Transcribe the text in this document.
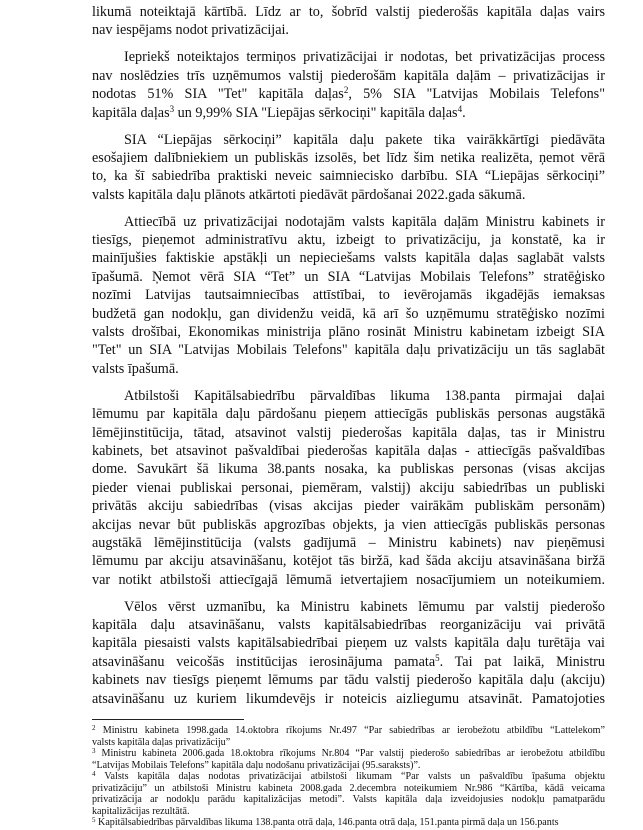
likumā noteiktajā kārtībā. Līdz ar to, šobrīd valstij piederošās kapitāla daļas vairs
nav iespējams nodot privatizācijai.
Iepriekš noteiktajos termiņos privatizācijai ir nodotas, bet privatizācijas process
nav noslēdzies trīs uzņēmumos valstij piederošām kapitāla daļām – privatizācijas ir
nodotas 51% SIA "Tet" kapitāla daļas$^2$, 5% SIA "Latvijas Mobilais Telefons"
kapitāla daļas$^3$ un 9,99% SIA "Liepājas sērkociņi" kapitāla daļas$^4$.
SIA “Liepājas sērkociņi” kapitāla daļu pakete tika vairākkārtīgi piedāvāta
esošajiem dalībniekiem un publiskās izsolēs, bet līdz šim netika realizēta, ņemot vērā
to, ka šī sabiedrība praktiski neveic saimniecisko darbību. SIA “Liepājas sērkociņi”
valsts kapitāla daļu plānots atkārtoti piedāvāt pārdošanai 2022.gada sākumā.
Attiecībā uz privatizācijai nodotajām valsts kapitāla daļām Ministru kabinets ir
tiesīgs, pieņemot administratīvu aktu, izbeigt to privatizāciju, ja konstatē, ka ir
mainījušies faktiskie apstākļi un nepieciešams valsts kapitāla daļas saglabāt valsts
īpašumā. Ņemot vērā SIA “Tet” un SIA “Latvijas Mobilais Telefons” stratēģisko
nozīmi Latvijas tautsaimniecības attīstībai, to ievērojamās ikgadējās iemaksas
budžetā gan nodokļu, gan dividenžu veidā, kā arī šo uzņēmumu stratēģisko nozīmi
valsts drošībai, Ekonomikas ministrija plāno rosināt Ministru kabinetam izbeigt SIA
"Tet" un SIA "Latvijas Mobilais Telefons" kapitāla daļu privatizāciju un tās saglabāt
valsts īpašumā.
Atbilstoši Kapitālsabiedrību pārvaldības likuma 138.panta pirmajai daļai
lēmumu par kapitāla daļu pārdošanu pieņem attiecīgās publiskās personas augstākā
lēmējinstitūcija, tātad, atsavinot valstij piederošas kapitāla daļas, tas ir Ministru
kabinets, bet atsavinot pašvaldībai piederošas kapitāla daļas - attiecīgās pašvaldības
dome. Savukārt šā likuma 38.pants nosaka, ka publiskas personas (visas akcijas
pieder vienai publiskai personai, piemēram, valstij) akciju sabiedrības un publiski
privātās akciju sabiedrības (visas akcijas pieder vairākām publiskām personām)
akcijas nevar būt publiskās apgrozības objekts, ja vien attiecīgās publiskās personas
augstākā lēmējinstitūcija (valsts gadījumā – Ministru kabinets) nav pieņēmusi
lēmumu par akciju atsavināšanu, kotējot tās biržā, kad šāda akciju atsavināšana biržā
var notikt atbilstoši attiecīgajā lēmumā ietvertajiem nosacījumiem un noteikumiem.
Vēlos vērst uzmanību, ka Ministru kabinets lēmumu par valstij piederošo
kapitāla daļu atsavināšanu, valsts kapitālsabiedrības reorganizāciju vai privātā
kapitāla piesaisti valsts kapitālsabiedrībai pieņem uz valsts kapitāla daļu turētāja vai
atsavināšanu veicošās institūcijas ierosinājuma pamata$^5$. Tai pat laikā, Ministru
kabinets nav tiesīgs pieņemt lēmums par tādu valstij piederošo kapitāla daļu (akciju)
atsavināšanu uz kuriem likumdevējs ir noteicis aizliegumu atsavināt. Pamatojoties
$^2$ Ministru kabineta 1998.gada 14.oktobra rīkojums Nr.497 “Par sabiedrības ar ierobežotu atbildību “Lattelekom”
valsts kapitāla daļas privatizāciju”
$^3$ Ministru kabineta 2006.gada 18.oktobra rīkojums Nr.804 “Par valstij piederošo sabiedrības ar ierobežotu atbildību
“Latvijas Mobilais Telefons” kapitāla daļu nodošanu privatizācijai (95.saraksts)”.
$^4$ Valsts kapitāla daļas nodotas privatizācijai atbilstoši likumam “Par valsts un pašvaldību īpašuma objektu
privatizāciju” un atbilstoši Ministru kabineta 2008.gada 2.decembra noteikumiem Nr.986 “Kārtība, kādā veicama
privatizācija ar nodokļu parādu kapitalizācijas metodi”. Valsts kapitāla daļa izveidojusies nodokļu pamatparādu
kapitalizācijas rezultātā.
$^5$ Kapitālsabiedrības pārvaldības likuma 138.panta otrā daļa, 146.panta otrā daļa, 151.panta pirmā daļa un 156.pants
